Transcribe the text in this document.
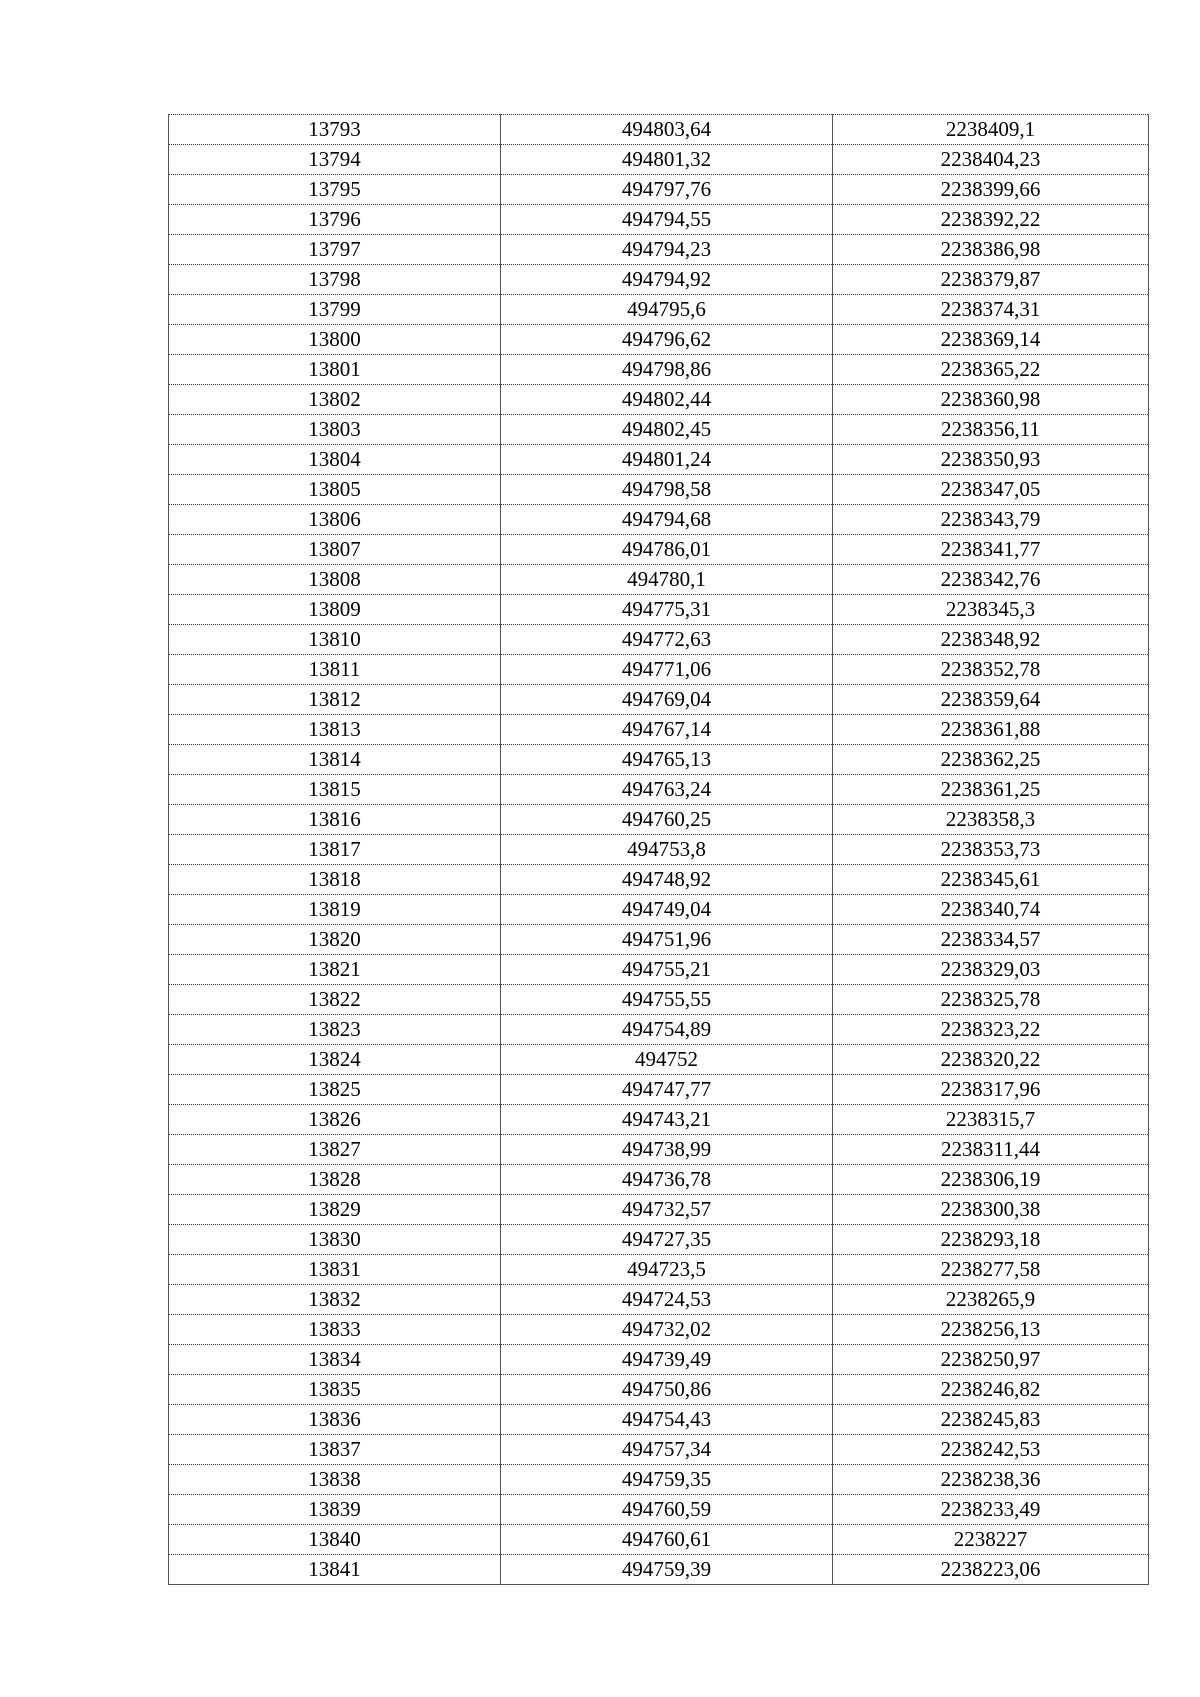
13793	494803,64	2238409,1
13794	494801,32	2238404,23
13795	494797,76	2238399,66
13796	494794,55	2238392,22
13797	494794,23	2238386,98
13798	494794,92	2238379,87
13799	494795,6	2238374,31
13800	494796,62	2238369,14
13801	494798,86	2238365,22
13802	494802,44	2238360,98
13803	494802,45	2238356,11
13804	494801,24	2238350,93
13805	494798,58	2238347,05
13806	494794,68	2238343,79
13807	494786,01	2238341,77
13808	494780,1	2238342,76
13809	494775,31	2238345,3
13810	494772,63	2238348,92
13811	494771,06	2238352,78
13812	494769,04	2238359,64
13813	494767,14	2238361,88
13814	494765,13	2238362,25
13815	494763,24	2238361,25
13816	494760,25	2238358,3
13817	494753,8	2238353,73
13818	494748,92	2238345,61
13819	494749,04	2238340,74
13820	494751,96	2238334,57
13821	494755,21	2238329,03
13822	494755,55	2238325,78
13823	494754,89	2238323,22
13824	494752	2238320,22
13825	494747,77	2238317,96
13826	494743,21	2238315,7
13827	494738,99	2238311,44
13828	494736,78	2238306,19
13829	494732,57	2238300,38
13830	494727,35	2238293,18
13831	494723,5	2238277,58
13832	494724,53	2238265,9
13833	494732,02	2238256,13
13834	494739,49	2238250,97
13835	494750,86	2238246,82
13836	494754,43	2238245,83
13837	494757,34	2238242,53
13838	494759,35	2238238,36
13839	494760,59	2238233,49
13840	494760,61	2238227
13841	494759,39	2238223,06
